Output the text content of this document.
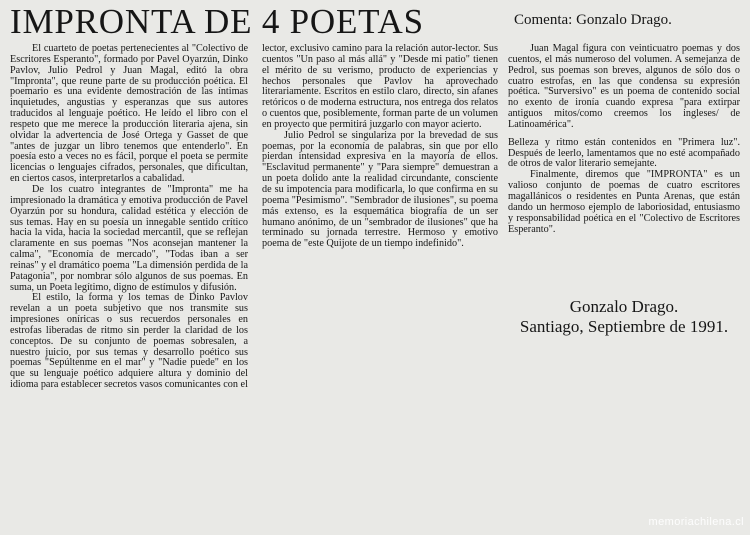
IMPRONTA DE 4 POETAS	Comenta: Gonzalo Drago.

El cuarteto de poetas pertenecientes al "Colectivo de Escritores Esperanto", formado por Pavel Oyarzún, Dinko Pavlov, Julio Pedrol y Juan Magal, editó la obra "Impronta", que reune parte de su producción poética. El poemario es una evidente demostración de las íntimas inquietudes, angustias y esperanzas que sus autores traducidos al lenguaje poético. He leído el libro con el respeto que me merece la producción literaria ajena, sin olvidar la advertencia de José Ortega y Gasset de que "antes de juzgar un libro tenemos que entenderlo". En poesía esto a veces no es fácil, porque el poeta se permite licencias o lenguajes cifrados, personales, que dificultan, en ciertos casos, interpretarlos a cabalidad.

De los cuatro integrantes de "Impronta" me ha impresionado la dramática y emotiva producción de Pavel Oyarzún por su hondura, calidad estética y elección de sus temas. Hay en su poesía un innegable sentido crítico hacia la vida, hacia la sociedad mercantil, que se reflejan claramente en sus poemas "Nos aconsejan mantener la calma", "Economía de mercado", "Todas iban a ser reinas" y el dramático poema "La dimensión perdida de la Patagonia", por nombrar sólo algunos de sus poemas. En suma, un Poeta legítimo, digno de estímulos y difusión.

El estilo, la forma y los temas de Dinko Pavlov revelan a un poeta subjetivo que nos transmite sus impresiones oníricas o sus recuerdos personales en estrofas liberadas de ritmo sin perder la claridad de los conceptos. De su conjunto de poemas sobresalen, a nuestro juicio, por sus temas y desarrollo poético sus poemas "Sepúltenme en el mar" y "Nadie puede" en los que su lenguaje poético adquiere altura y dominio del idioma para establecer secretos vasos comunicantes con el

lector, exclusivo camino para la relación autor-lector. Sus cuentos "Un paso al más allá" y "Desde mi patio" tienen el mérito de su verismo, producto de experiencias y hechos personales que Pavlov ha aprovechado literariamente. Escritos en estilo claro, directo, sin afanes retóricos o de moderna estructura, nos entrega dos relatos o cuentos que, posiblemente, forman parte de un volumen en proyecto que permitirá juzgarlo con mayor acierto.

Julio Pedrol se singulariza por la brevedad de sus poemas, por la economía de palabras, sin que por ello pierdan intensidad expresiva en la mayoría de ellos. "Esclavitud permanente" y "Para siempre" demuestran a un poeta dolido ante la realidad circundante, consciente de su impotencia para modificarla, lo que confirma en su poema "Pesimismo". "Sembrador de ilusiones", su poema más extenso, es la esquemática biografía de un ser humano anónimo, de un "sembrador de ilusiones" que ha terminado su jornada terrestre. Hermoso y emotivo poema de "este Quijote de un tiempo indefinido".

Juan Magal figura con veinticuatro poemas y dos cuentos, el más numeroso del volumen. A semejanza de Pedrol, sus poemas son breves, algunos de sólo dos o cuatro estrofas, en las que condensa su expresión poética. "Surversivo" es un poema de contenido social no exento de ironía cuando expresa "para extirpar antiguos mitos/como creemos los ingleses/ de Latinoamérica".

Belleza y ritmo están contenidos en "Primera luz". Después de leerlo, lamentamos que no esté acompañado de otros de valor literario semejante.

Finalmente, diremos que "IMPRONTA" es un valioso conjunto de poemas de cuatro escritores magallánicos o residentes en Punta Arenas, que están dando un hermoso ejemplo de laboriosidad, entusiasmo y responsabilidad poética en el "Colectivo de Escritores Esperanto".

Gonzalo Drago.
Santiago, Septiembre de 1991.
memoriachilena.cl
